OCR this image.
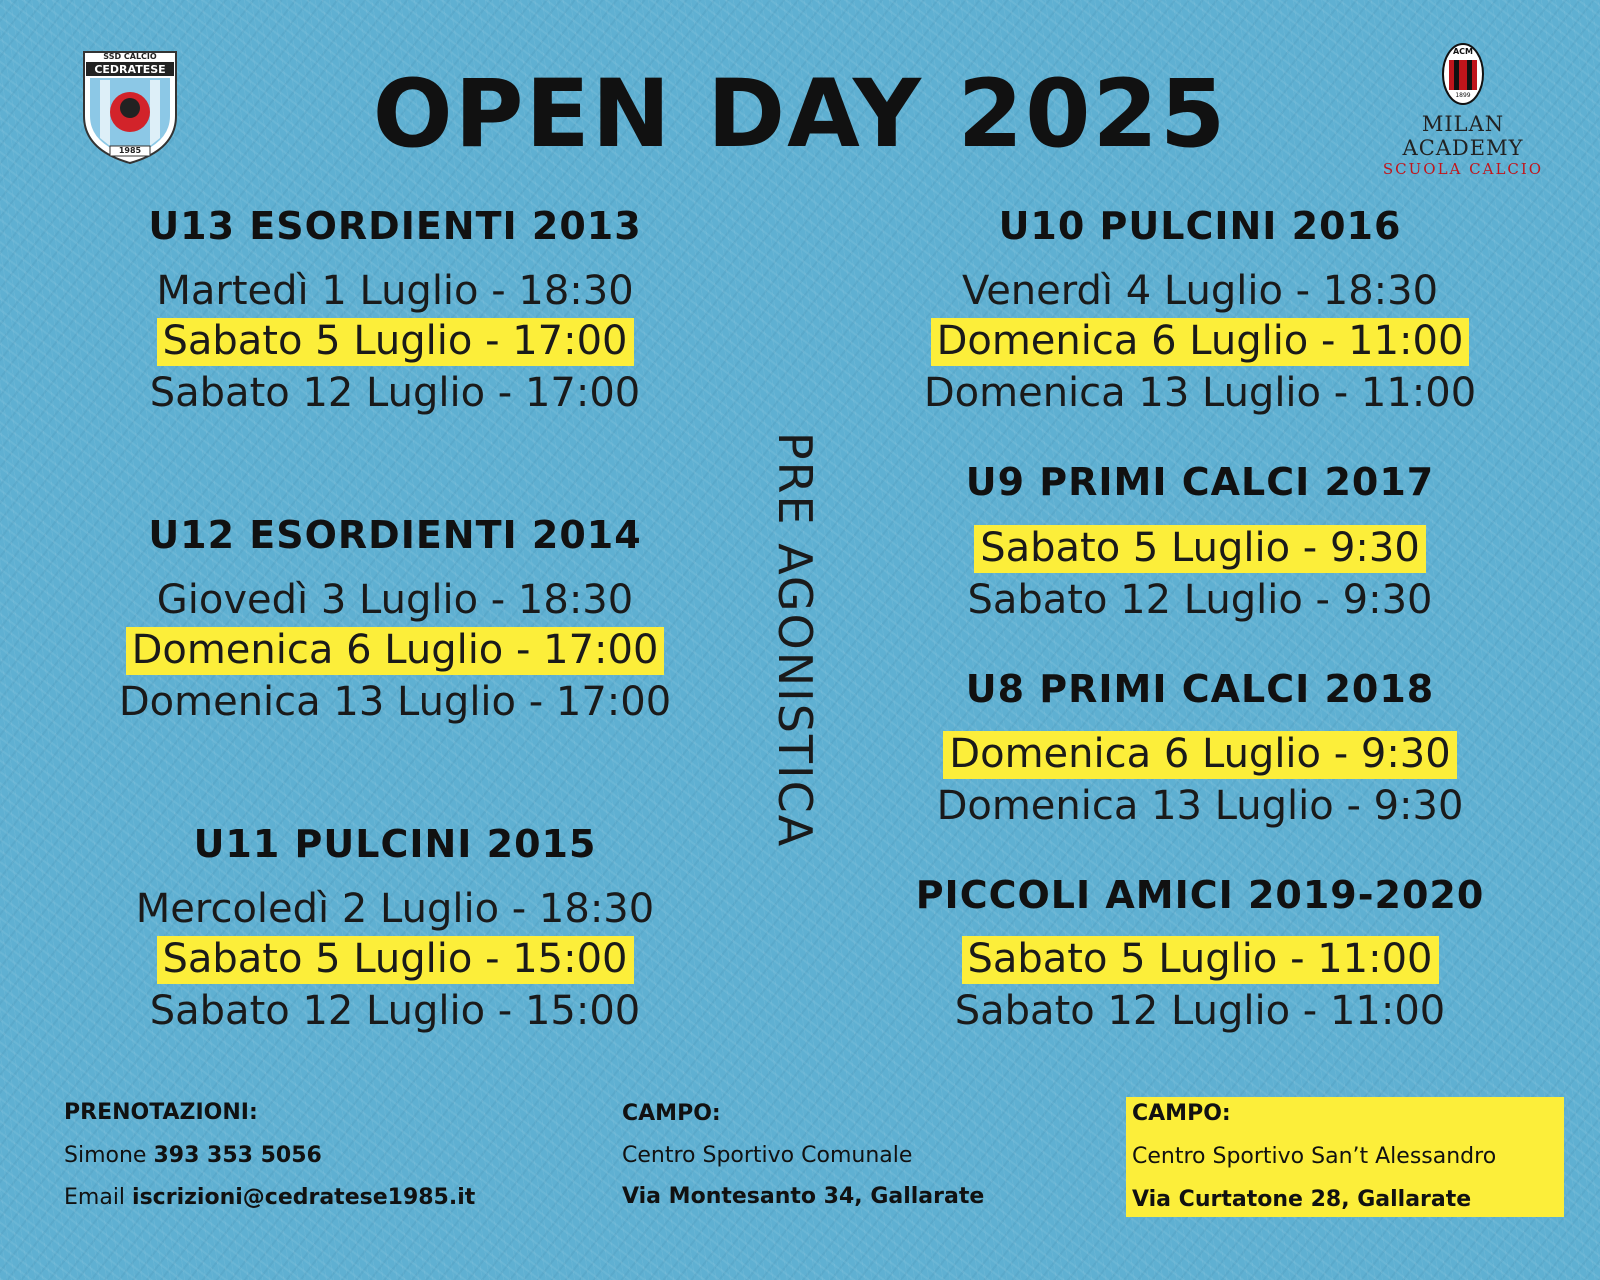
SSD CALCIO
CEDRATESE
1985
ACM
1899
MILAN ACADEMY
SCUOLA CALCIO
OPEN DAY 2025
U13 ESORDIENTI 2013
Martedì 1 Luglio - 18:30
Sabato 5 Luglio - 17:00
Sabato 12 Luglio - 17:00
U12 ESORDIENTI 2014
Giovedì 3 Luglio - 18:30
Domenica 6 Luglio - 17:00
Domenica 13 Luglio - 17:00
U11 PULCINI 2015
Mercoledì 2 Luglio - 18:30
Sabato 5 Luglio - 15:00
Sabato 12 Luglio - 15:00
PRE AGONISTICA
U10 PULCINI 2016
Venerdì 4 Luglio - 18:30
Domenica 6 Luglio - 11:00
Domenica 13 Luglio - 11:00
U9 PRIMI CALCI 2017
Sabato 5 Luglio - 9:30
Sabato 12 Luglio - 9:30
U8 PRIMI CALCI 2018
Domenica 6 Luglio - 9:30
Domenica 13 Luglio - 9:30
PICCOLI AMICI 2019-2020
Sabato 5 Luglio - 11:00
Sabato 12 Luglio - 11:00
PRENOTAZIONI:
Simone 393 353 5056
Email iscrizioni@cedratese1985.it
CAMPO:
Centro Sportivo Comunale
Via Montesanto 34, Gallarate
CAMPO:
Centro Sportivo San’t Alessandro
Via Curtatone 28, Gallarate
